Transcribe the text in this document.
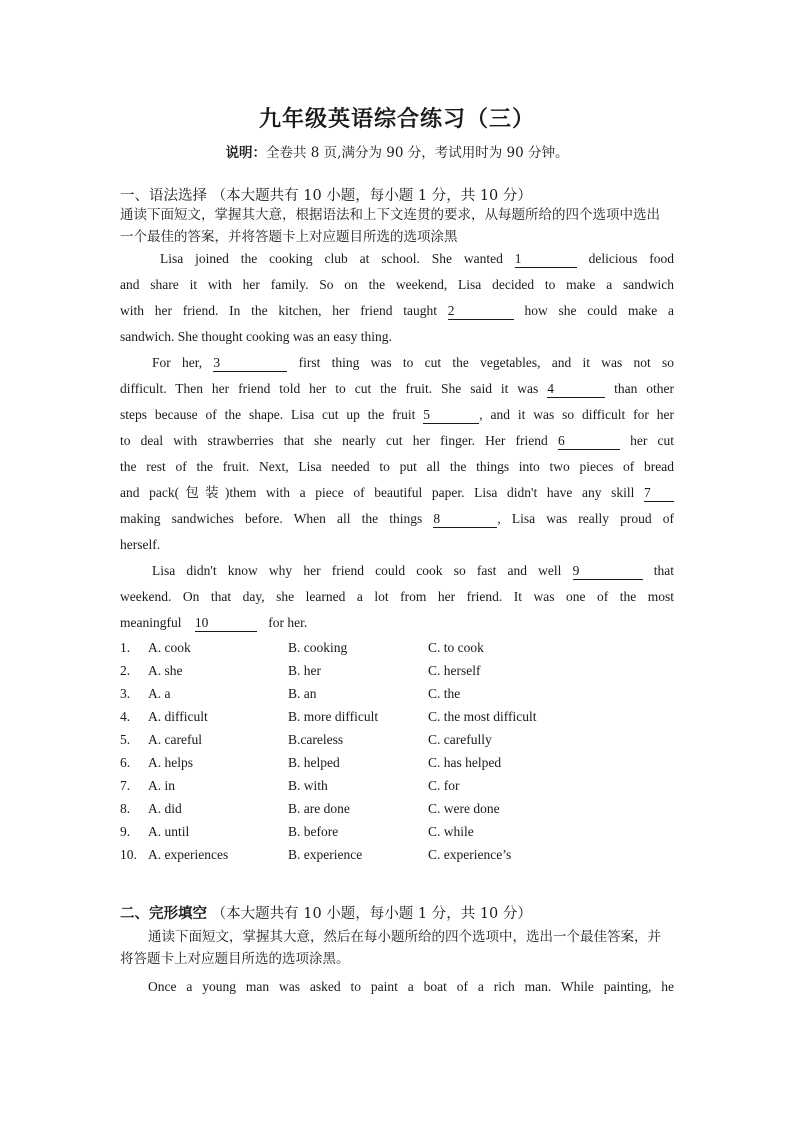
九年级英语综合练习（三）
说明：全卷共 8 页,满分为 90 分，考试用时为 90 分钟。
一、语法选择 （本大题共有 10 小题，每小题 1 分，共 10 分）
通读下面短文，掌握其大意，根据语法和上下文连贯的要求，从每题所给的四个选项中选出
一个最佳的答案，并将答题卡上对应题目所选的选项涂黑
Lisa joined the cooking club at school. She wanted 1	delicious food
and share it with her family. So on the weekend, Lisa decided to make a sandwich
with her friend. In the kitchen, her friend taught 2	how she could make a
sandwich. She thought cooking was an easy thing.
For her, 3	first thing was to cut the vegetables, and it was not so
difficult. Then her friend told her to cut the fruit. She said it was 4	than other
steps because of the shape. Lisa cut up the fruit 5	, and it was so difficult for her
to deal with strawberries that she nearly cut her finger. Her friend 6	her cut
the rest of the fruit. Next, Lisa needed to put all the things into two pieces of bread
and pack(包装)them with a piece of beautiful paper. Lisa didn't have any skill 7
making sandwiches before. When all the things 8	, Lisa was really proud of
herself.
Lisa didn't know why her friend could cook so fast and well 9	that
weekend. On that day, she learned a lot from her friend. It was one of the most
meaningful 10	for her.
1. A. cook	B. cooking	C. to cook
2. A. she	B. her	C. herself
3. A. a	B. an	C. the
4. A. difficult	B. more difficult	C. the most difficult
5. A. careful	B.careless	C. carefully
6. A. helps	B. helped	C. has helped
7. A. in	B. with	C. for
8. A. did	B. are done	C. were done
9. A. until	B. before	C. while
10. A. experiences	B. experience	C. experience’s
二、完形填空 （本大题共有 10 小题，每小题 1 分，共 10 分）
通读下面短文，掌握其大意，然后在每小题所给的四个选项中，选出一个最佳答案，并
将答题卡上对应题目所选的选项涂黑。
Once a young man was asked to paint a boat of a rich man. While painting, he
